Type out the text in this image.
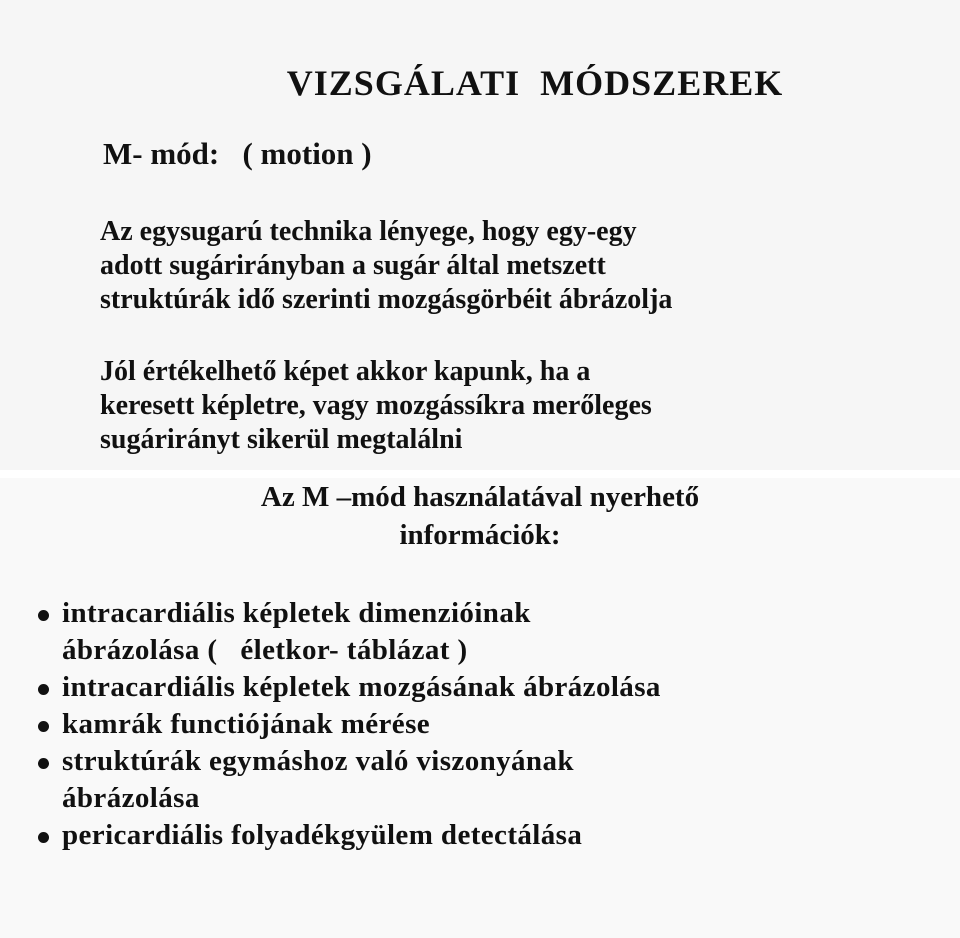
VIZSGÁLATI MÓDSZEREK

M- mód:   ( motion )

Az egysugarú technika lényege, hogy egy-egy
adott sugárirányban a sugár által metszett
struktúrák idő szerinti mozgásgörbéit ábrázolja

Jól értékelhető képet akkor kapunk, ha a
keresett képletre, vagy mozgássíkra merőleges
sugárirányt sikerül megtalálni

Az M –mód használatával nyerhető
információk:
intracardiális képletek dimenzióinak
ábrázolása (   életkor- táblázat )
intracardiális képletek mozgásának ábrázolása
kamrák functiójának mérése
struktúrák egymáshoz való viszonyának
ábrázolása
pericardiális folyadékgyülem detectálása
